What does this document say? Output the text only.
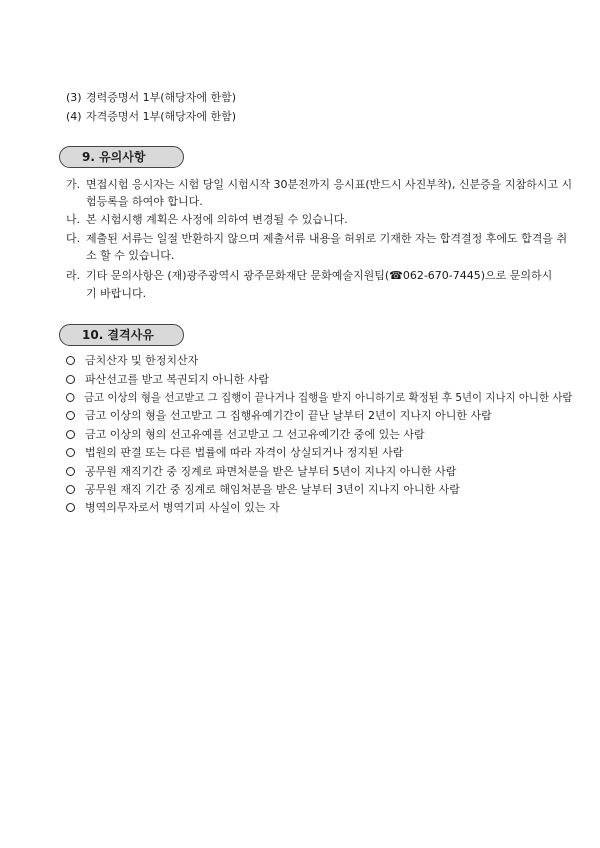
(3) 경력증명서 1부(해당자에 한함)
(4) 자격증명서 1부(해당자에 한함)
9. 유의사항
가. 면접시험 응시자는 시험 당일 시험시작 30분전까지 응시표(반드시 사진부착), 신분증을 지참하시고 시
험등록을 하여야 합니다.
나. 본 시험시행 계획은 사정에 의하여 변경될 수 있습니다.
다. 제출된 서류는 일절 반환하지 않으며 제출서류 내용을 허위로 기재한 자는 합격결정 후에도 합격을 취
소 할 수 있습니다.
라. 기타 문의사항은 (재)광주광역시 광주문화재단 문화예술지원팀(☎062-670-7445)으로 문의하시
기 바랍니다.
10. 결격사유
금치산자 및 한정치산자
파산선고를 받고 복권되지 아니한 사람
금고 이상의 형을 선고받고 그 집행이 끝나거나 집행을 받지 아니하기로 확정된 후 5년이 지나지 아니한 사람
금고 이상의 형을 선고받고 그 집행유예기간이 끝난 날부터 2년이 지나지 아니한 사람
금고 이상의 형의 선고유예를 선고받고 그 선고유예기간 중에 있는 사람
법원의 판결 또는 다른 법률에 따라 자격이 상실되거나 정지된 사람
공무원 재직기간 중 징계로 파면처분을 받은 날부터 5년이 지나지 아니한 사람
공무원 재직 기간 중 징계로 해임처분을 받은 날부터 3년이 지나지 아니한 사람
병역의무자로서 병역기피 사실이 있는 자
